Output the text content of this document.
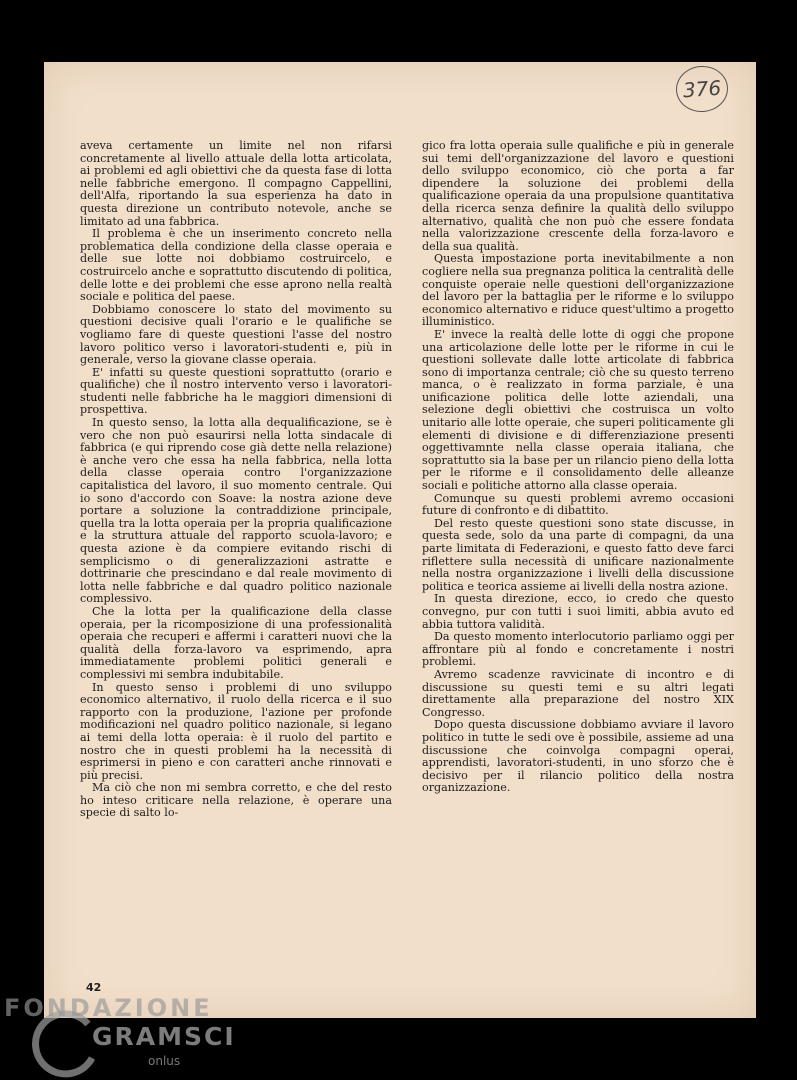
376

aveva certamente un limite nel non rifarsi concretamente al livello attuale della lotta articolata, ai problemi ed agli obiettivi che da questa fase di lotta nelle fabbriche emergono. Il compagno Cappellini, dell'Alfa, riportando la sua esperienza ha dato in questa direzione un contributo notevole, anche se limitato ad una fabbrica.

Il problema è che un inserimento concreto nella problematica della condizione della classe operaia e delle sue lotte noi dobbiamo costruircelo, e costruircelo anche e soprattutto discutendo di politica, delle lotte e dei problemi che esse aprono nella realtà sociale e politica del paese.

Dobbiamo conoscere lo stato del movimento su questioni decisive quali l'orario e le qualifiche se vogliamo fare di queste questioni l'asse del nostro lavoro politico verso i lavoratori-studenti e, più in generale, verso la giovane classe operaia.

E' infatti su queste questioni soprattutto (orario e qualifiche) che il nostro intervento verso i lavoratori-studenti nelle fabbriche ha le maggiori dimensioni di prospettiva.

In questo senso, la lotta alla dequalificazione, se è vero che non può esaurirsi nella lotta sindacale di fabbrica (e qui riprendo cose già dette nella relazione) è anche vero che essa ha nella fabbrica, nella lotta della classe operaia contro l'organizzazione capitalistica del lavoro, il suo momento centrale. Qui io sono d'accordo con Soave: la nostra azione deve portare a soluzione la contraddizione principale, quella tra la lotta operaia per la propria qualificazione e la struttura attuale del rapporto scuola-lavoro; e questa azione è da compiere evitando rischi di semplicismo o di generalizzazioni astratte e dottrinarie che prescindano e dal reale movimento di lotta nelle fabbriche e dal quadro politico nazionale complessivo.

Che la lotta per la qualificazione della classe operaia, per la ricomposizione di una professionalità operaia che recuperi e affermi i caratteri nuovi che la qualità della forza-lavoro va esprimendo, apra immediatamente problemi politici generali e complessivi mi sembra indubitabile.

In questo senso i problemi di uno sviluppo economico alternativo, il ruolo della ricerca e il suo rapporto con la produzione, l'azione per profonde modificazioni nel quadro politico nazionale, si legano ai temi della lotta operaia: è il ruolo del partito e nostro che in questi problemi ha la necessità di esprimersi in pieno e con caratteri anche rinnovati e più precisi.

Ma ciò che non mi sembra corretto, e che del resto ho inteso criticare nella relazione, è operare una specie di salto lo-

gico fra lotta operaia sulle qualifiche e più in generale sui temi dell'organizzazione del lavoro e questioni dello sviluppo economico, ciò che porta a far dipendere la soluzione dei problemi della qualificazione operaia da una propulsione quantitativa della ricerca senza definire la qualità dello sviluppo alternativo, qualità che non può che essere fondata nella valorizzazione crescente della forza-lavoro e della sua qualità.

Questa impostazione porta inevitabilmente a non cogliere nella sua pregnanza politica la centralità delle conquiste operaie nelle questioni dell'organizzazione del lavoro per la battaglia per le riforme e lo sviluppo economico alternativo e riduce quest'ultimo a progetto illuministico.

E' invece la realtà delle lotte di oggi che propone una articolazione delle lotte per le riforme in cui le questioni sollevate dalle lotte articolate di fabbrica sono di importanza centrale; ciò che su questo terreno manca, o è realizzato in forma parziale, è una unificazione politica delle lotte aziendali, una selezione degli obiettivi che costruisca un volto unitario alle lotte operaie, che superi politicamente gli elementi di divisione e di differenziazione presenti oggettivamnte nella classe operaia italiana, che soprattutto sia la base per un rilancio pieno della lotta per le riforme e il consolidamento delle alleanze sociali e politiche attorno alla classe operaia.

Comunque su questi problemi avremo occasioni future di confronto e di dibattito.

Del resto queste questioni sono state discusse, in questa sede, solo da una parte di compagni, da una parte limitata di Federazioni, e questo fatto deve farci riflettere sulla necessità di unificare nazionalmente nella nostra organizzazione i livelli della discussione politica e teorica assieme ai livelli della nostra azione.

In questa direzione, ecco, io credo che questo convegno, pur con tutti i suoi limiti, abbia avuto ed abbia tuttora validità.

Da questo momento interlocutorio parliamo oggi per affrontare più al fondo e concretamente i nostri problemi.

Avremo scadenze ravvicinate di incontro e di discussione su questi temi e su altri legati direttamente alla preparazione del nostro XIX Congresso.

Dopo questa discussione dobbiamo avviare il lavoro politico in tutte le sedi ove è possibile, assieme ad una discussione che coinvolga compagni operai, apprendisti, lavoratori-studenti, in uno sforzo che è decisivo per il rilancio politico della nostra organizzazione.

42
FONDAZIONE
GRAMSCI
onlus
